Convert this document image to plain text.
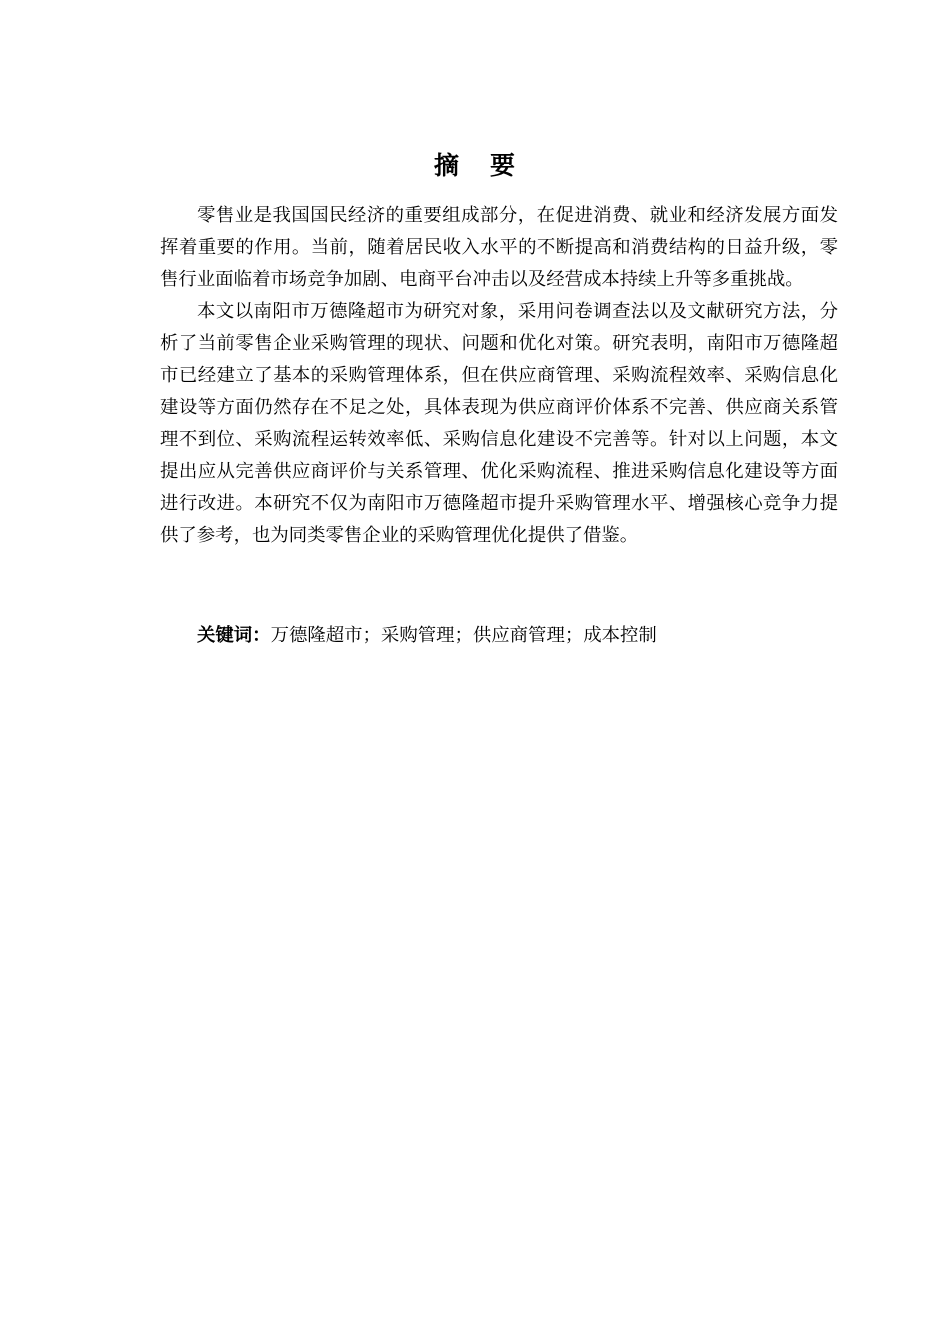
摘 要

零售业是我国国民经济的重要组成部分，在促进消费、就业和经济发展方面发挥着重要的作用。当前，随着居民收入水平的不断提高和消费结构的日益升级，零售行业面临着市场竞争加剧、电商平台冲击以及经营成本持续上升等多重挑战。

本文以南阳市万德隆超市为研究对象，采用问卷调查法以及文献研究方法，分析了当前零售企业采购管理的现状、问题和优化对策。研究表明，南阳市万德隆超市已经建立了基本的采购管理体系，但在供应商管理、采购流程效率、采购信息化建设等方面仍然存在不足之处，具体表现为供应商评价体系不完善、供应商关系管理不到位、采购流程运转效率低、采购信息化建设不完善等。针对以上问题，本文提出应从完善供应商评价与关系管理、优化采购流程、推进采购信息化建设等方面进行改进。本研究不仅为南阳市万德隆超市提升采购管理水平、增强核心竞争力提供了参考，也为同类零售企业的采购管理优化提供了借鉴。

关键词：万德隆超市；采购管理；供应商管理；成本控制
